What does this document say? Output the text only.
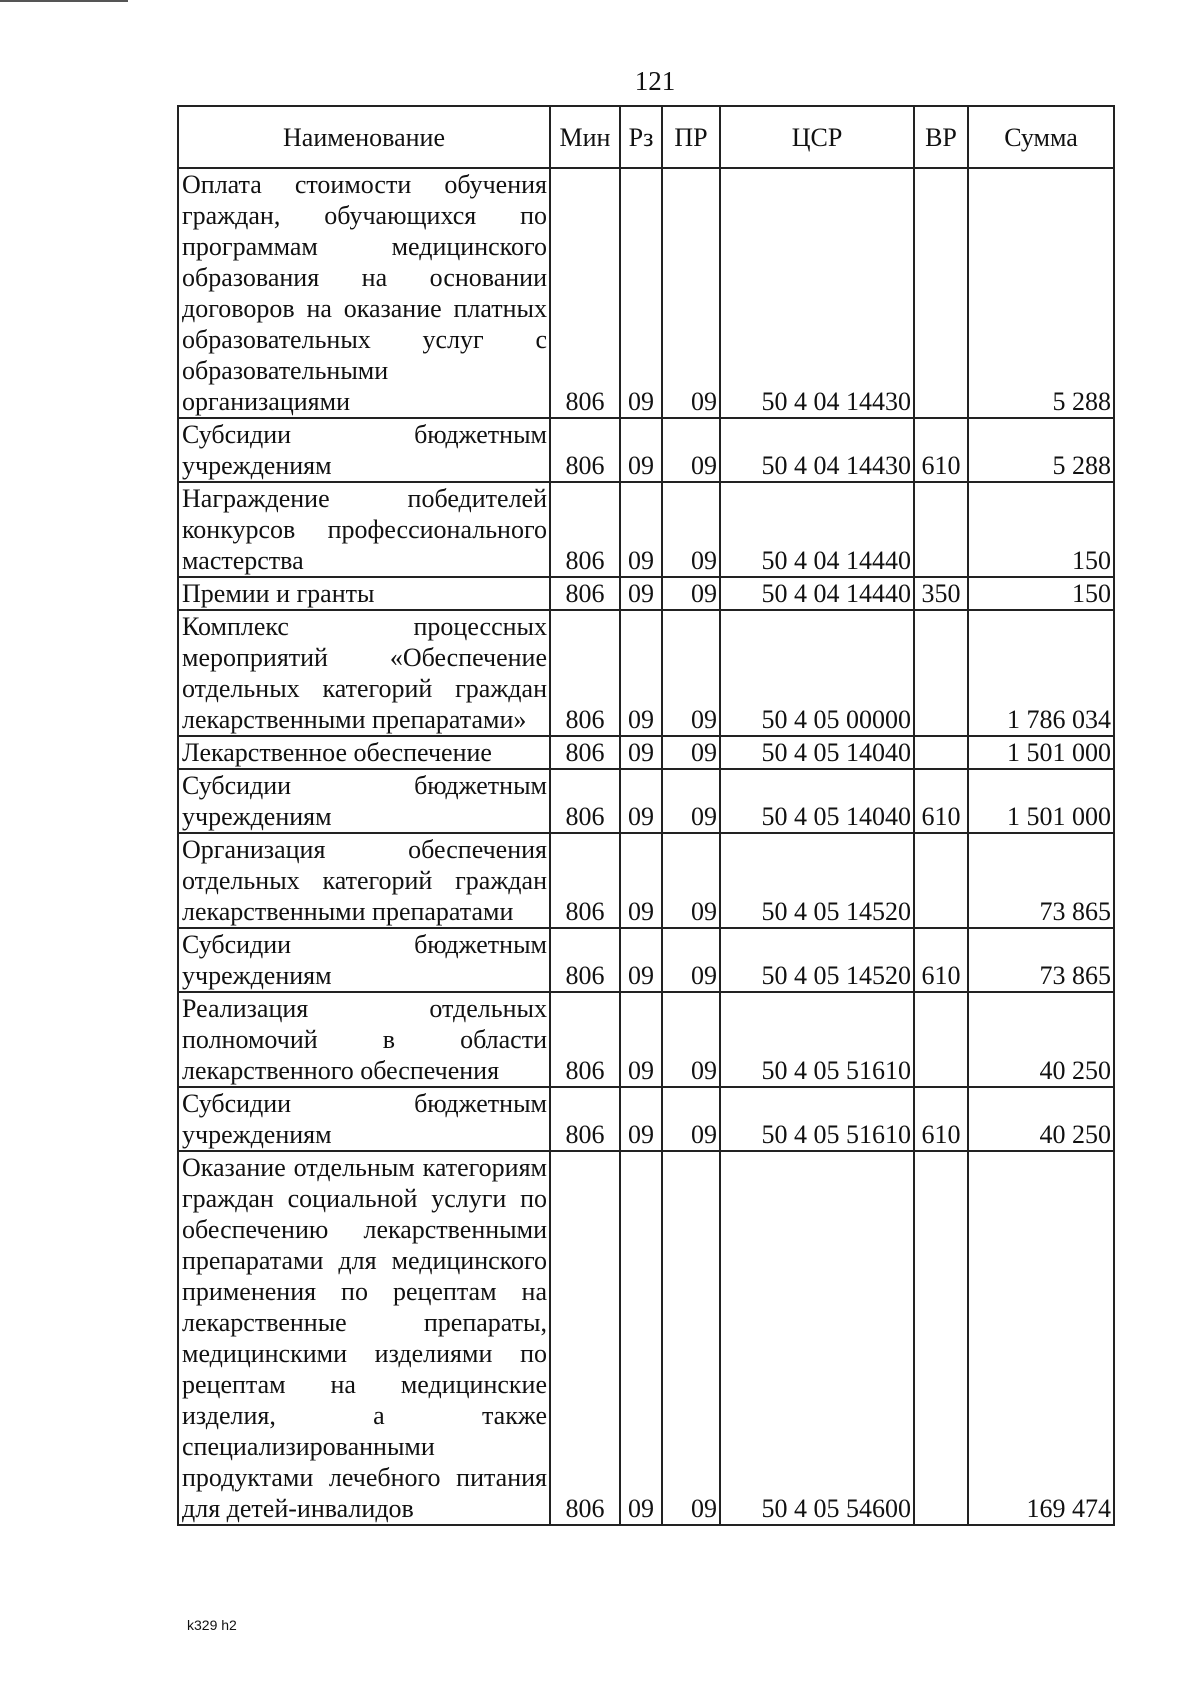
121
Наименование	Мин	Рз	ПР	ЦСР	ВР	Сумма
Оплата стоимости обучения граждан, обучающихся по программам медицинского образования на основании договоров на оказание платных образовательных услуг с образовательными организациями	806	09	09	50 4 04 14430		5 288
Субсидии бюджетным учреждениям	806	09	09	50 4 04 14430	610	5 288
Награждение победителей конкурсов профессионального мастерства	806	09	09	50 4 04 14440		150
Премии и гранты	806	09	09	50 4 04 14440	350	150
Комплекс процессных мероприятий «Обеспечение отдельных категорий граждан лекарственными препаратами»	806	09	09	50 4 05 00000		1 786 034
Лекарственное обеспечение	806	09	09	50 4 05 14040		1 501 000
Субсидии бюджетным учреждениям	806	09	09	50 4 05 14040	610	1 501 000
Организация обеспечения отдельных категорий граждан лекарственными препаратами	806	09	09	50 4 05 14520		73 865
Субсидии бюджетным учреждениям	806	09	09	50 4 05 14520	610	73 865
Реализация отдельных полномочий в области лекарственного обеспечения	806	09	09	50 4 05 51610		40 250
Субсидии бюджетным учреждениям	806	09	09	50 4 05 51610	610	40 250
Оказание отдельным категориям граждан социальной услуги по обеспечению лекарственными препаратами для медицинского применения по рецептам на лекарственные препараты, медицинскими изделиями по рецептам на медицинские изделия, а также специализированными продуктами лечебного питания для детей-инвалидов	806	09	09	50 4 05 54600		169 474
k329 h2
